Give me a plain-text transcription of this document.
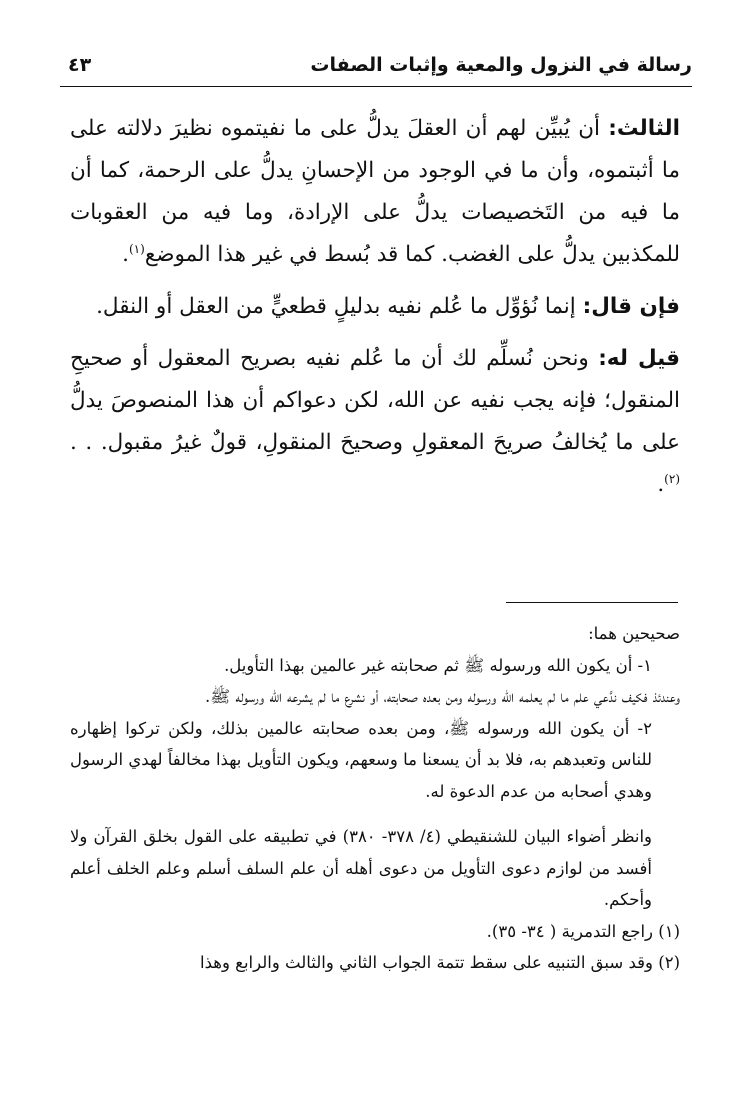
رسالة في النزول والمعية وإثبات الصفات
٤٣

الثالث: أن يُبيِّن لهم أن العقلَ يدلُّ على ما نفيتموه نظيرَ دلالته على ما أثبتموه، وأن ما في الوجود من الإحسانِ يدلُّ على الرحمة، كما أن ما فيه من التَخصيصات يدلُّ على الإرادة، وما فيه من العقوبات للمكذبين يدلُّ على الغضب. كما قد بُسط في غير هذا الموضع$^{(١)}$.

فإن قال: إنما نُؤوِّل ما عُلم نفيه بدليلٍ قطعيٍّ من العقل أو النقل.

قيل له: ونحن نُسلِّم لك أن ما عُلم نفيه بصريح المعقول أو صحيحِ المنقول؛ فإنه يجب نفيه عن الله، لكن دعواكم أن هذا المنصوصَ يدلُّ على ما يُخالفُ صريحَ المعقولِ وصحيحَ المنقولِ، قولٌ غيرُ مقبول. . .$^{(٢)}$.

صحيحين هما:

١- أن يكون الله ورسوله ﷺ ثم صحابته غير عالمين بهذا التأويل.

وعندئذ فكيف ندَّعي علم ما لم يعلمه الله ورسوله ومن بعده صحابته، أو نشرع ما لم يشرعه الله ورسوله ﷺ.

٢- أن يكون الله ورسوله ﷺ، ومن بعده صحابته عالمين بذلك، ولكن تركوا إظهاره للناس وتعبدهم به، فلا بد أن يسعنا ما وسعهم، ويكون التأويل بهذا مخالفاً لهدي الرسول وهدي أصحابه من عدم الدعوة له.

وانظر أضواء البيان للشنقيطي (٤/ ٣٧٨- ٣٨٠) في تطبيقه على القول بخلق القرآن ولا أفسد من لوازم دعوى التأويل من دعوى أهله أن علم السلف أسلم وعلم الخلف أعلم وأحكم.

(١) راجع التدمرية ( ٣٤- ٣٥).

(٢) وقد سبق التنبيه على سقط تتمة الجواب الثاني والثالث والرابع وهذا
